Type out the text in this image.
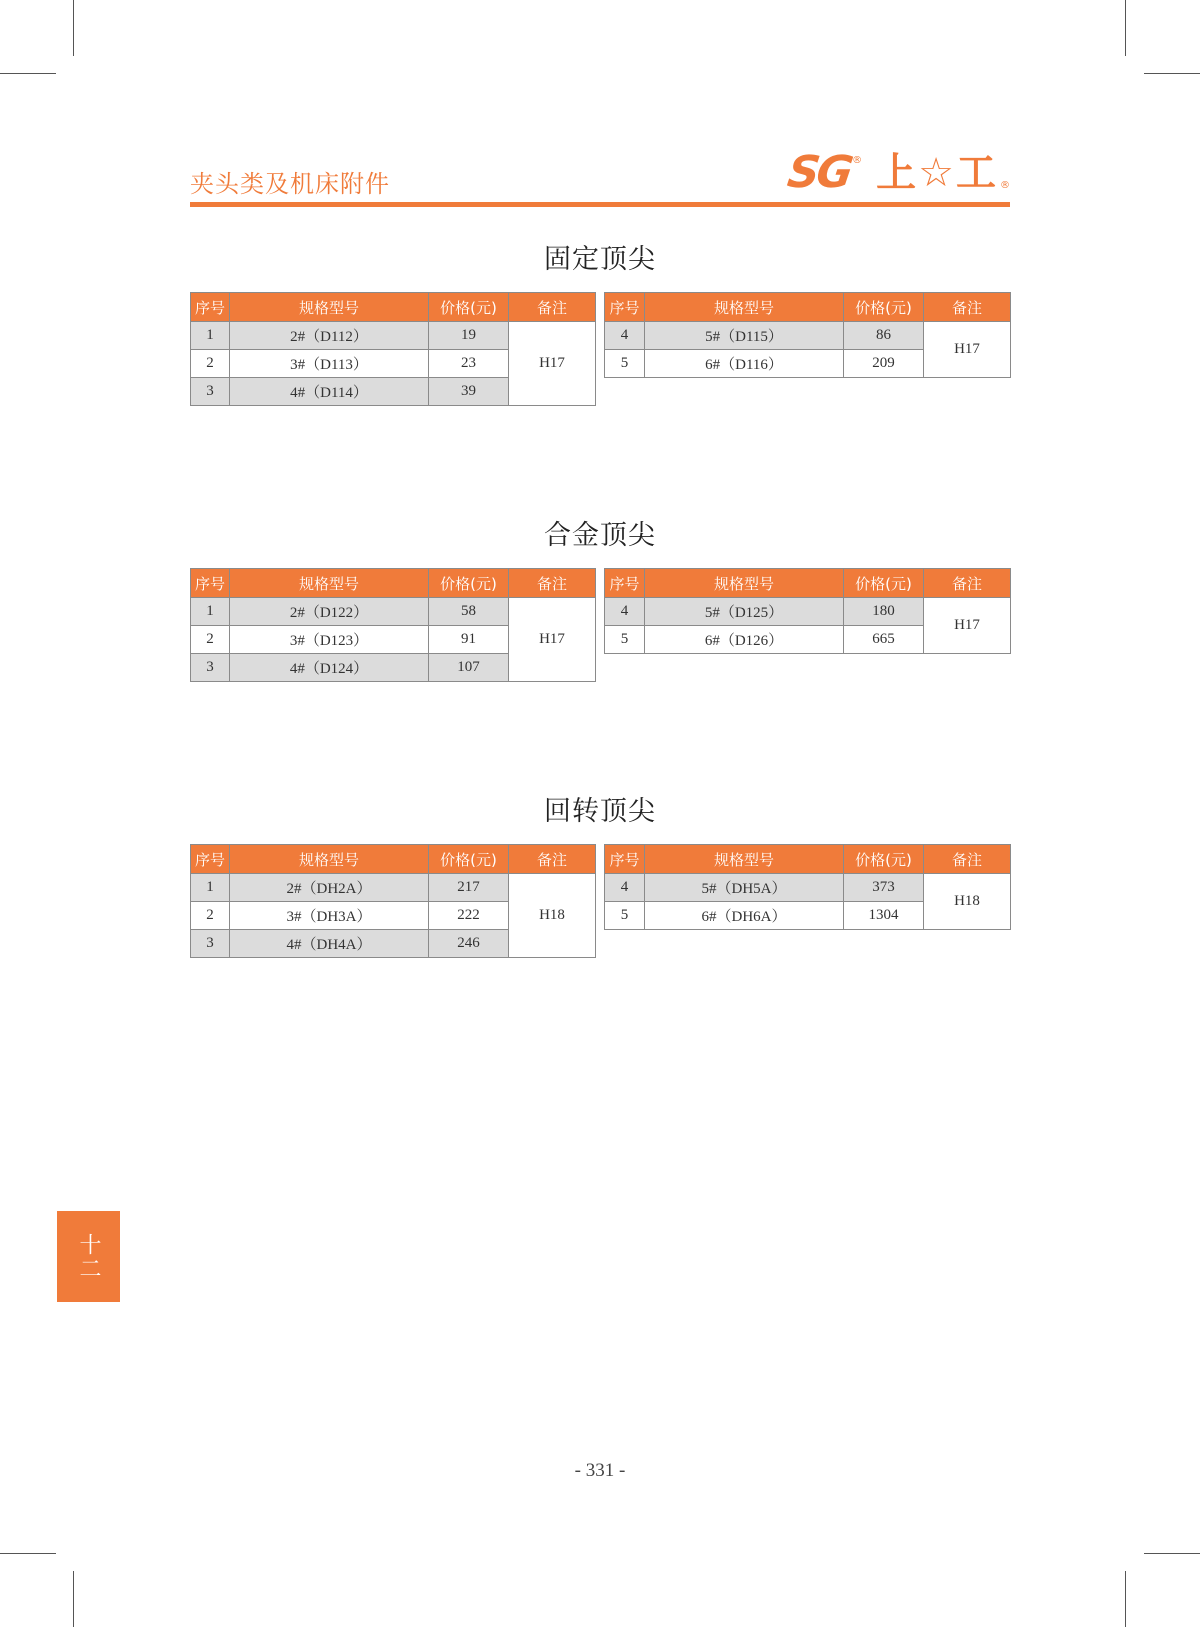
夹头类及机床附件	SG
® 上☆工 ®
固定顶尖
序号	规格型号	价格(元)	备注
1	2#（D112）	19	H17
2	3#（D113）	23	
3	4#（D114）	39	
序号	规格型号	价格(元)	备注
4	5#（D115）	86	H17
5	6#（D116）	209	
合金顶尖
序号	规格型号	价格(元)	备注
1	2#（D122）	58	H17
2	3#（D123）	91	
3	4#（D124）	107	
序号	规格型号	价格(元)	备注
4	5#（D125）	180	H17
5	6#（D126）	665	
回转顶尖
序号	规格型号	价格(元)	备注
1	2#（DH2A）	217	H18
2	3#（DH3A）	222	
3	4#（DH4A）	246	
序号	规格型号	价格(元)	备注
4	5#（DH5A）	373	H18
5	6#（DH6A）	1304	
十二
- 331 -
